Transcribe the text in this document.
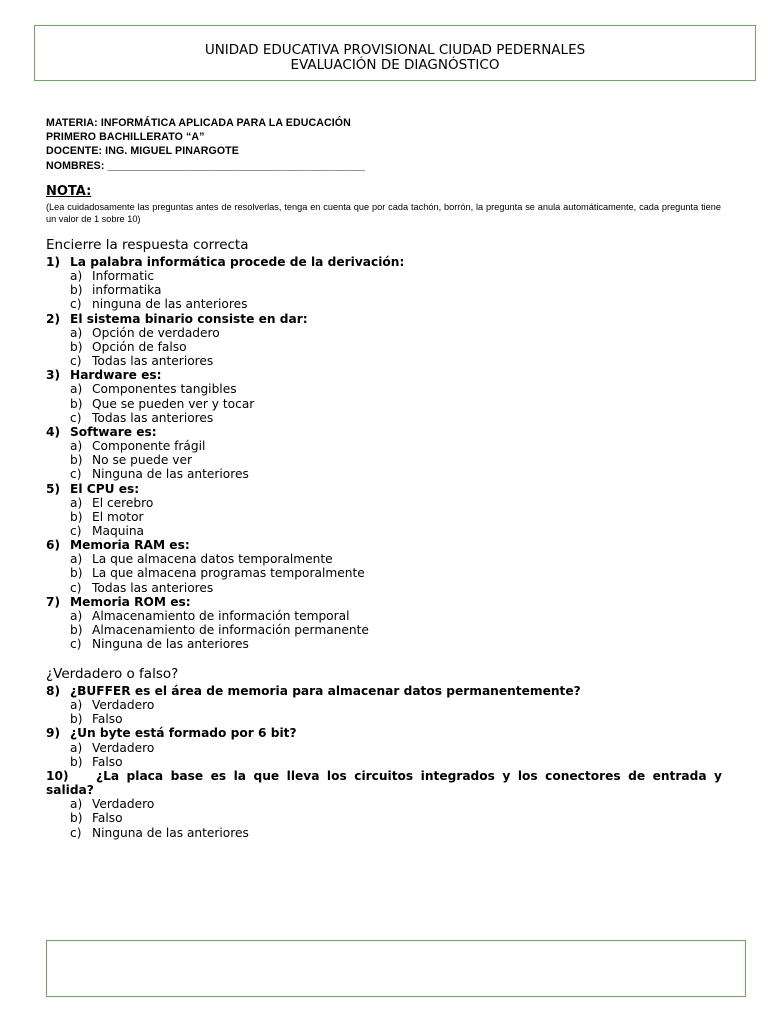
UNIDAD EDUCATIVA PROVISIONAL CIUDAD PEDERNALES
EVALUACIÓN DE DIAGNÓSTICO
MATERIA: INFORMÁTICA APLICADA PARA LA EDUCACIÓN
PRIMERO BACHILLERATO “A”
DOCENTE: ING. MIGUEL PINARGOTE
NOMBRES: ___________________________________________
NOTA:
(Lea cuidadosamente las preguntas antes de resolverlas, tenga en cuenta que por cada tachón, borrón, la pregunta se anula automáticamente, cada pregunta tiene un valor de 1 sobre 10)
Encierre la respuesta correcta
1) La palabra informática procede de la derivación:
a) Informatic
b) informatika
c) ninguna de las anteriores
2) El sistema binario consiste en dar:
a) Opción de verdadero
b) Opción de falso
c) Todas las anteriores
3) Hardware es:
a) Componentes tangibles
b) Que se pueden ver y tocar
c) Todas las anteriores
4) Software es:
a) Componente frágil
b) No se puede ver
c) Ninguna de las anteriores
5) El CPU es:
a) El cerebro
b) El motor
c) Maquina
6) Memoria RAM es:
a) La que almacena datos temporalmente
b) La que almacena programas temporalmente
c) Todas las anteriores
7) Memoria ROM es:
a) Almacenamiento de información temporal
b) Almacenamiento de información permanente
c) Ninguna de las anteriores
¿Verdadero o falso?
8) ¿BUFFER es el área de memoria para almacenar datos permanentemente?
a) Verdadero
b) Falso
9) ¿Un byte está formado por 6 bit?
a) Verdadero
b) Falso
10) ¿La placa base es la que lleva los circuitos integrados y los conectores de entrada y salida?
a) Verdadero
b) Falso
c) Ninguna de las anteriores
